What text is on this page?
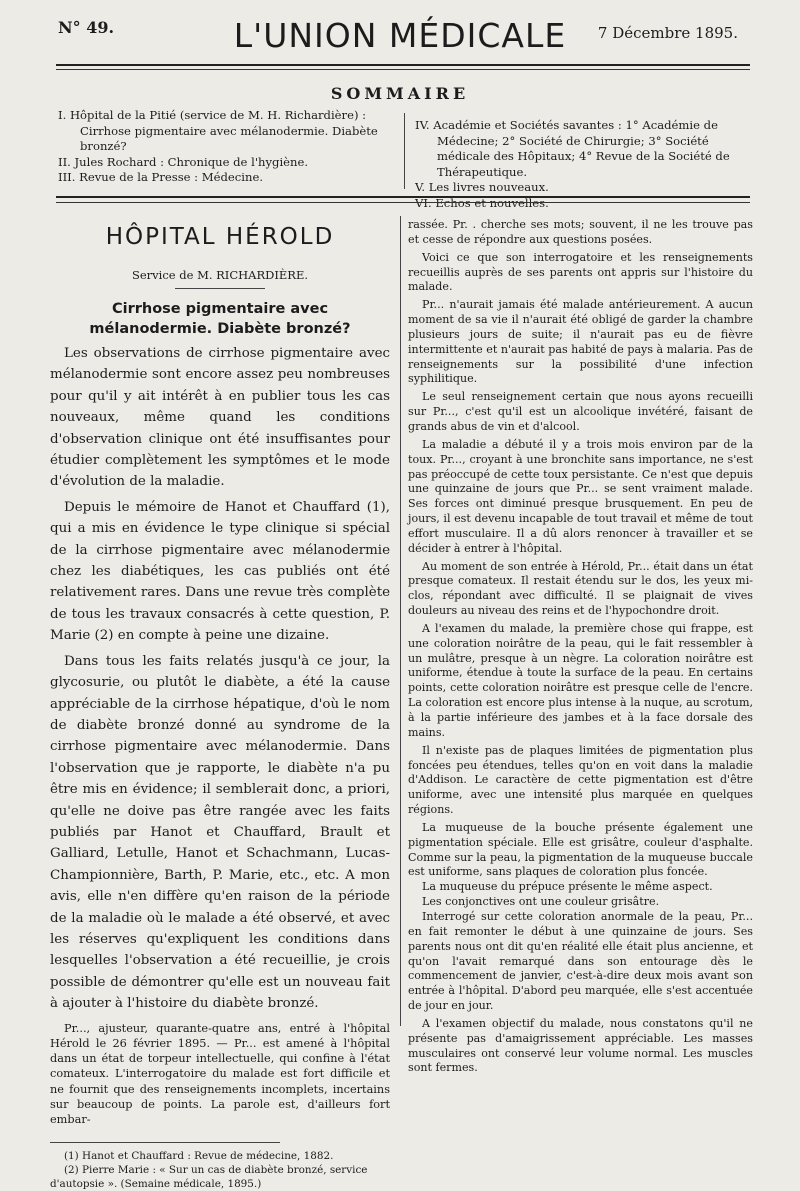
N° 49.	L'UNION MÉDICALE	7 Décembre 1895.
SOMMAIRE

I. Hôpital de la Pitié (service de M. H. Richardière) : Cirrhose pigmentaire avec mélanodermie. Diabète bronzé?

II. Jules Rochard : Chronique de l'hygiène.

III. Revue de la Presse : Médecine.

IV. Académie et Sociétés savantes : 1° Académie de Médecine; 2° Société de Chirurgie; 3° Société médicale des Hôpitaux; 4° Revue de la Société de Thérapeutique.

V. Les livres nouveaux.

VI. Échos et nouvelles.

HÔPITAL HÉROLD

Service de M. RICHARDIÈRE.

Cirrhose pigmentaire avec mélanodermie. Diabète bronzé?

Les observations de cirrhose pigmentaire avec mélanodermie sont encore assez peu nombreuses pour qu'il y ait intérêt à en publier tous les cas nouveaux, même quand les conditions d'observation clinique ont été insuffisantes pour étudier complètement les symptômes et le mode d'évolution de la maladie.

Depuis le mémoire de Hanot et Chauffard (1), qui a mis en évidence le type clinique si spécial de la cirrhose pigmentaire avec mélanodermie chez les diabétiques, les cas publiés ont été relativement rares. Dans une revue très complète de tous les travaux consacrés à cette question, P. Marie (2) en compte à peine une dizaine.

Dans tous les faits relatés jusqu'à ce jour, la glycosurie, ou plutôt le diabète, a été la cause appréciable de la cirrhose hépatique, d'où le nom de diabète bronzé donné au syndrome de la cirrhose pigmentaire avec mélanodermie. Dans l'observation que je rapporte, le diabète n'a pu être mis en évidence; il semblerait donc, a priori, qu'elle ne doive pas être rangée avec les faits publiés par Hanot et Chauffard, Brault et Galliard, Letulle, Hanot et Schachmann, Lucas-Championnière, Barth, P. Marie, etc., etc. A mon avis, elle n'en diffère qu'en raison de la période de la maladie où le malade a été observé, et avec les réserves qu'expliquent les conditions dans lesquelles l'observation a été recueillie, je crois possible de démontrer qu'elle est un nouveau fait à ajouter à l'histoire du diabète bronzé.

Pr..., ajusteur, quarante-quatre ans, entré à l'hôpital Hérold le 26 février 1895. — Pr... est amené à l'hôpital dans un état de torpeur intellectuelle, qui confine à l'état comateux. L'interrogatoire du malade est fort difficile et ne fournit que des renseignements incomplets, incertains sur beaucoup de points. La parole est, d'ailleurs fort embar-

(1) Hanot et Chauffard : Revue de médecine, 1882.

(2) Pierre Marie : « Sur un cas de diabète bronzé, service d'autopsie ». (Semaine médicale, 1895.)

rassée. Pr. . cherche ses mots; souvent, il ne les trouve pas et cesse de répondre aux questions posées.

Voici ce que son interrogatoire et les renseignements recueillis auprès de ses parents ont appris sur l'histoire du malade.

Pr... n'aurait jamais été malade antérieurement. A aucun moment de sa vie il n'aurait été obligé de garder la chambre plusieurs jours de suite; il n'aurait pas eu de fièvre intermittente et n'aurait pas habité de pays à malaria. Pas de renseignements sur la possibilité d'une infection syphilitique.

Le seul renseignement certain que nous ayons recueilli sur Pr..., c'est qu'il est un alcoolique invétéré, faisant de grands abus de vin et d'alcool.

La maladie a débuté il y a trois mois environ par de la toux. Pr..., croyant à une bronchite sans importance, ne s'est pas préoccupé de cette toux persistante. Ce n'est que depuis une quinzaine de jours que Pr... se sent vraiment malade. Ses forces ont diminué presque brusquement. En peu de jours, il est devenu incapable de tout travail et même de tout effort musculaire. Il a dû alors renoncer à travailler et se décider à entrer à l'hôpital.

Au moment de son entrée à Hérold, Pr... était dans un état presque comateux. Il restait étendu sur le dos, les yeux mi-clos, répondant avec difficulté. Il se plaignait de vives douleurs au niveau des reins et de l'hypochondre droit.

A l'examen du malade, la première chose qui frappe, est une coloration noirâtre de la peau, qui le fait ressembler à un mulâtre, presque à un nègre. La coloration noirâtre est uniforme, étendue à toute la surface de la peau. En certains points, cette coloration noirâtre est presque celle de l'encre. La coloration est encore plus intense à la nuque, au scrotum, à la partie inférieure des jambes et à la face dorsale des mains.

Il n'existe pas de plaques limitées de pigmentation plus foncées peu étendues, telles qu'on en voit dans la maladie d'Addison. Le caractère de cette pigmentation est d'être uniforme, avec une intensité plus marquée en quelques régions.

La muqueuse de la bouche présente également une pigmentation spéciale. Elle est grisâtre, couleur d'asphalte. Comme sur la peau, la pigmentation de la muqueuse buccale est uniforme, sans plaques de coloration plus foncée.

La muqueuse du prépuce présente le même aspect.

Les conjonctives ont une couleur grisâtre.

Interrogé sur cette coloration anormale de la peau, Pr... en fait remonter le début à une quinzaine de jours. Ses parents nous ont dit qu'en réalité elle était plus ancienne, et qu'on l'avait remarqué dans son entourage dès le commencement de janvier, c'est-à-dire deux mois avant son entrée à l'hôpital. D'abord peu marquée, elle s'est accentuée de jour en jour.

A l'examen objectif du malade, nous constatons qu'il ne présente pas d'amaigrissement appréciable. Les masses musculaires ont conservé leur volume normal. Les muscles sont fermes.
